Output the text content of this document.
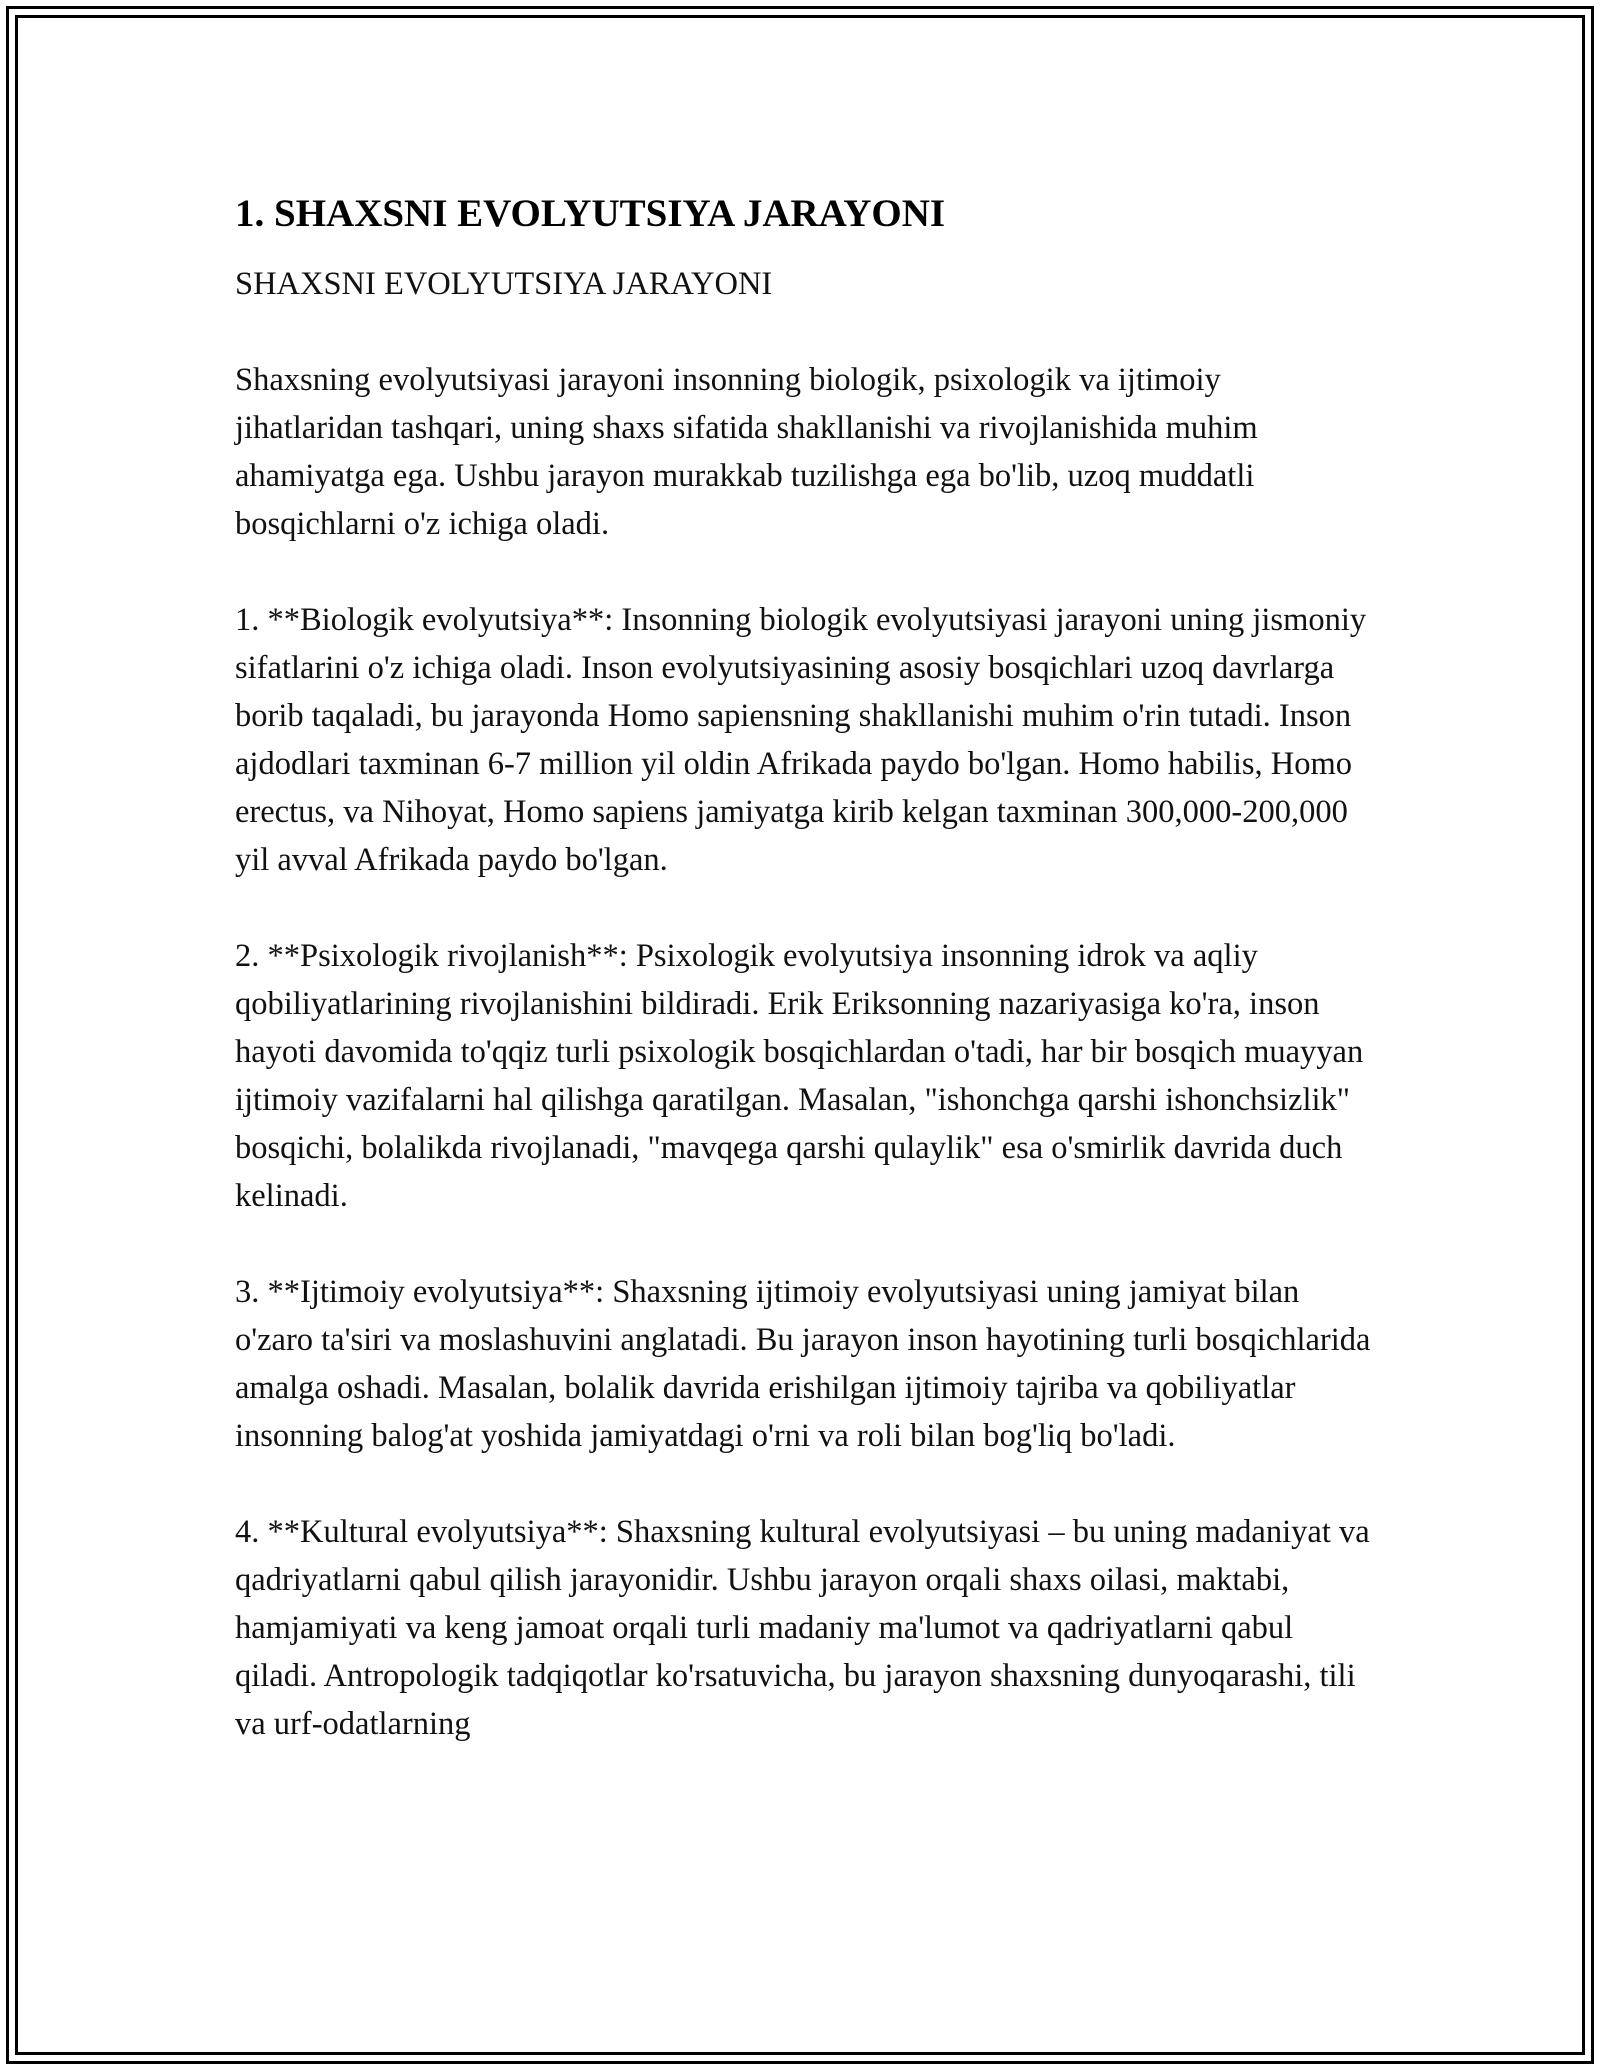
1. SHAXSNI EVOLYUTSIYA JARAYONI

SHAXSNI EVOLYUTSIYA JARAYONI

Shaxsning evolyutsiyasi jarayoni insonning biologik, psixologik va ijtimoiy jihatlaridan tashqari, uning shaxs sifatida shakllanishi va rivojlanishida muhim ahamiyatga ega. Ushbu jarayon murakkab tuzilishga ega bo'lib, uzoq muddatli bosqichlarni o'z ichiga oladi.

1. **Biologik evolyutsiya**: Insonning biologik evolyutsiyasi jarayoni uning jismoniy sifatlarini o'z ichiga oladi. Inson evolyutsiyasining asosiy bosqichlari uzoq davrlarga borib taqaladi, bu jarayonda Homo sapiensning shakllanishi muhim o'rin tutadi. Inson ajdodlari taxminan 6-7 million yil oldin Afrikada paydo bo'lgan. Homo habilis, Homo erectus, va Nihoyat, Homo sapiens jamiyatga kirib kelgan taxminan 300,000-200,000 yil avval Afrikada paydo bo'lgan.

2. **Psixologik rivojlanish**: Psixologik evolyutsiya insonning idrok va aqliy qobiliyatlarining rivojlanishini bildiradi. Erik Eriksonning nazariyasiga ko'ra, inson hayoti davomida to'qqiz turli psixologik bosqichlardan o'tadi, har bir bosqich muayyan ijtimoiy vazifalarni hal qilishga qaratilgan. Masalan, "ishonchga qarshi ishonchsizlik" bosqichi, bolalikda rivojlanadi, "mavqega qarshi qulaylik" esa o'smirlik davrida duch kelinadi.

3. **Ijtimoiy evolyutsiya**: Shaxsning ijtimoiy evolyutsiyasi uning jamiyat bilan o'zaro ta'siri va moslashuvini anglatadi. Bu jarayon inson hayotining turli bosqichlarida amalga oshadi. Masalan, bolalik davrida erishilgan ijtimoiy tajriba va qobiliyatlar insonning balog'at yoshida jamiyatdagi o'rni va roli bilan bog'liq bo'ladi.

4. **Kultural evolyutsiya**: Shaxsning kultural evolyutsiyasi – bu uning madaniyat va qadriyatlarni qabul qilish jarayonidir. Ushbu jarayon orqali shaxs oilasi, maktabi, hamjamiyati va keng jamoat orqali turli madaniy ma'lumot va qadriyatlarni qabul qiladi. Antropologik tadqiqotlar ko'rsatuvicha, bu jarayon shaxsning dunyoqarashi, tili va urf-odatlarning
